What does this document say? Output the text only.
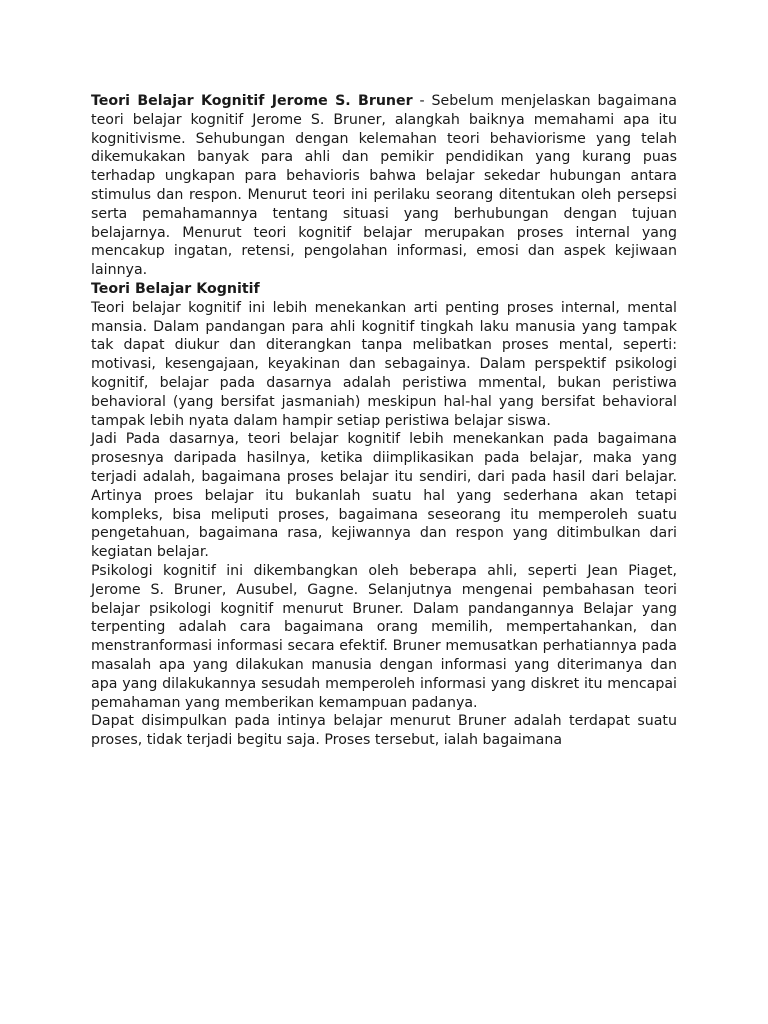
Teori Belajar Kognitif Jerome S. Bruner - Sebelum menjelaskan bagaimana teori belajar kognitif Jerome S. Bruner, alangkah baiknya memahami apa itu kognitivisme. Sehubungan dengan kelemahan teori behaviorisme yang telah dikemukakan banyak para ahli dan pemikir pendidikan yang kurang puas terhadap ungkapan para behavioris bahwa belajar sekedar hubungan antara stimulus dan respon. Menurut teori ini perilaku seorang ditentukan oleh persepsi serta pemahamannya tentang situasi yang berhubungan dengan tujuan belajarnya. Menurut teori kognitif belajar merupakan proses internal yang mencakup ingatan, retensi, pengolahan informasi, emosi dan aspek kejiwaan lainnya.

Teori Belajar Kognitif

Teori belajar kognitif ini lebih menekankan arti penting proses internal, mental mansia. Dalam pandangan para ahli kognitif tingkah laku manusia yang tampak tak dapat diukur dan diterangkan tanpa melibatkan proses mental, seperti: motivasi, kesengajaan, keyakinan dan sebagainya. Dalam perspektif psikologi kognitif, belajar pada dasarnya adalah peristiwa mmental, bukan peristiwa behavioral (yang bersifat jasmaniah) meskipun hal-hal yang bersifat behavioral tampak lebih nyata dalam hampir setiap peristiwa belajar siswa.

Jadi Pada dasarnya, teori belajar kognitif lebih menekankan pada bagaimana prosesnya daripada hasilnya, ketika diimplikasikan pada belajar, maka yang terjadi adalah, bagaimana proses belajar itu sendiri, dari pada hasil dari belajar. Artinya proes belajar itu bukanlah suatu hal yang sederhana akan tetapi kompleks, bisa meliputi proses, bagaimana seseorang itu memperoleh suatu pengetahuan, bagaimana rasa, kejiwannya dan respon yang ditimbulkan dari kegiatan belajar.

Psikologi kognitif ini dikembangkan oleh beberapa ahli, seperti Jean Piaget, Jerome S. Bruner, Ausubel, Gagne. Selanjutnya mengenai pembahasan teori belajar psikologi kognitif menurut Bruner. Dalam pandangannya Belajar yang terpenting adalah cara bagaimana orang memilih, mempertahankan, dan menstranformasi informasi secara efektif. Bruner memusatkan perhatiannya pada masalah apa yang dilakukan manusia dengan informasi yang diterimanya dan apa yang dilakukannya sesudah memperoleh informasi yang diskret itu mencapai pemahaman yang memberikan kemampuan padanya.

Dapat disimpulkan pada intinya belajar menurut Bruner adalah terdapat suatu proses, tidak terjadi begitu saja. Proses tersebut, ialah bagaimana
